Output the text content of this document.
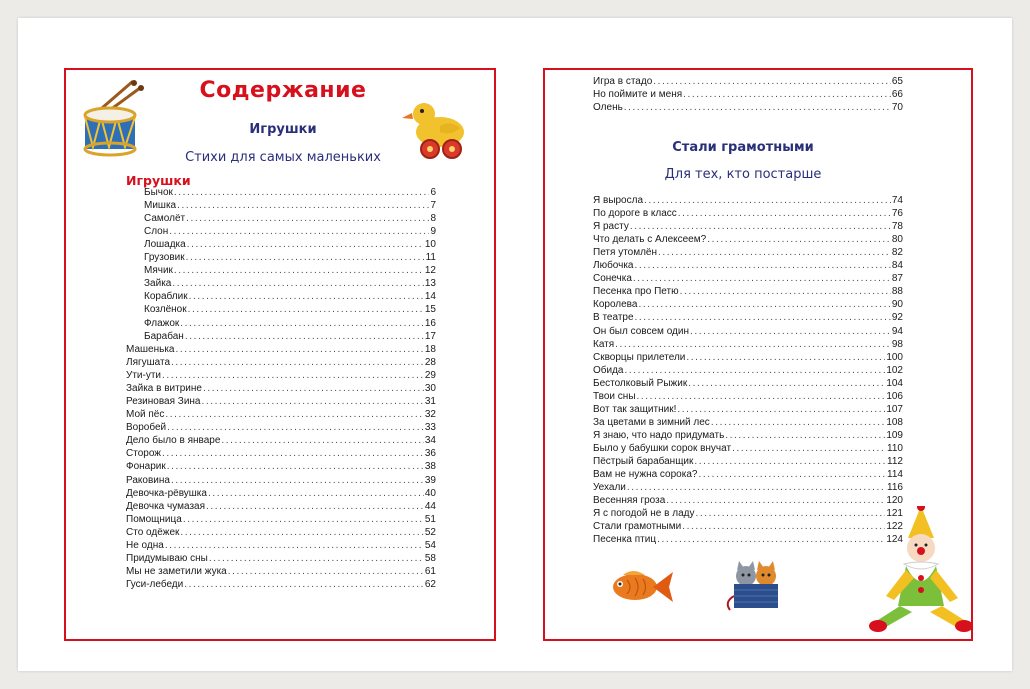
Содержание
Игрушки
Стихи для самых маленьких
Игрушки
Бычок .....	6
Мишка .....	7
Самолёт .....	8
Слон .....	9
Лошадка .....	10
Грузовик .....	11
Мячик .....	12
Зайка .....	13
Кораблик .....	14
Козлёнок .....	15
Флажок .....	16
Барабан .....	17
Машенька .....	18
Лягушата .....	28
Ути-ути .....	29
Зайка в витрине .....	30
Резиновая Зина .....	31
Мой пёс .....	32
Воробей .....	33
Дело было в январе .....	34
Сторож .....	36
Фонарик .....	38
Раковина .....	39
Девочка-рёвушка .....	40
Девочка чумазая .....	44
Помощница .....	51
Сто одёжек .....	52
Не одна .....	54
Придумываю сны .....	58
Мы не заметили жука .....	61
Гуси-лебеди .....	62
Игра в стадо .....	65
Но поймите и меня .....	66
Олень .....	70
Стали грамотными
Для тех, кто постарше
Я выросла .....	74
По дороге в класс .....	76
Я расту .....	78
Что делать с Алексеем? .....	80
Петя утомлён .....	82
Любочка .....	84
Сонечка .....	87
Песенка про Петю .....	88
Королева .....	90
В театре .....	92
Он был совсем один .....	94
Катя .....	98
Скворцы прилетели .....	100
Обида .....	102
Бестолковый Рыжик .....	104
Твои сны .....	106
Вот так защитник! .....	107
За цветами в зимний лес .....	108
Я знаю, что надо придумать .....	109
Было у бабушки сорок внучат .....	110
Пёстрый барабанщик .....	112
Вам не нужна сорока? .....	114
Уехали .....	116
Весенняя гроза .....	120
Я с погодой не в ладу .....	121
Стали грамотными .....	122
Песенка птиц .....	124
